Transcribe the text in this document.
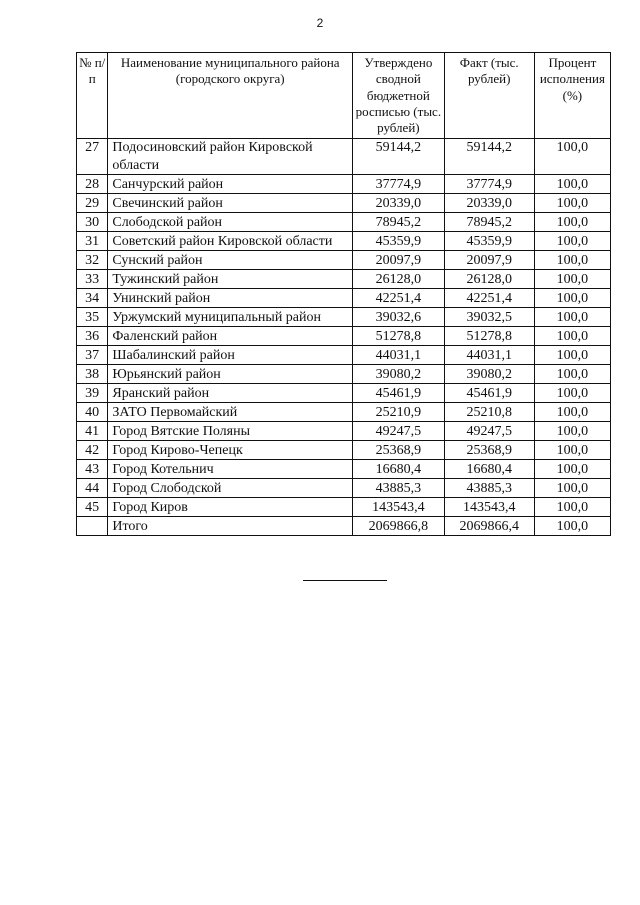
2
№ п/п	Наименование муниципального района (городского округа)	Утверждено сводной бюджетной росписью (тыс. рублей)	Факт (тыс. рублей)	Процент исполнения (%)
27	Подосиновский район Кировской области	59144,2	59144,2	100,0
28	Санчурский район	37774,9	37774,9	100,0
29	Свечинский район	20339,0	20339,0	100,0
30	Слободской район	78945,2	78945,2	100,0
31	Советский район Кировской области	45359,9	45359,9	100,0
32	Сунский район	20097,9	20097,9	100,0
33	Тужинский район	26128,0	26128,0	100,0
34	Унинский район	42251,4	42251,4	100,0
35	Уржумский муниципальный район	39032,6	39032,5	100,0
36	Фаленский район	51278,8	51278,8	100,0
37	Шабалинский район	44031,1	44031,1	100,0
38	Юрьянский район	39080,2	39080,2	100,0
39	Яранский район	45461,9	45461,9	100,0
40	ЗАТО Первомайский	25210,9	25210,8	100,0
41	Город Вятские Поляны	49247,5	49247,5	100,0
42	Город Кирово-Чепецк	25368,9	25368,9	100,0
43	Город Котельнич	16680,4	16680,4	100,0
44	Город Слободской	43885,3	43885,3	100,0
45	Город Киров	143543,4	143543,4	100,0
	Итого	2069866,8	2069866,4	100,0
